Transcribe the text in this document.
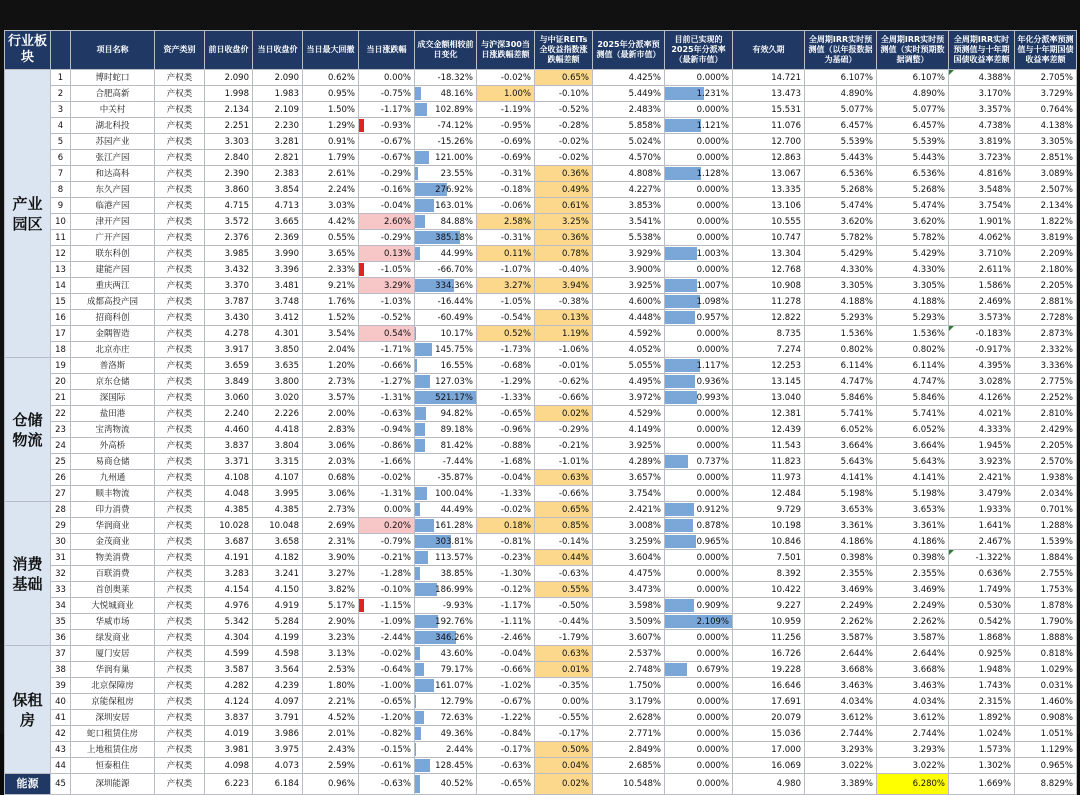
行业板块		项目名称	资产类别	前日收盘价	当日收盘价	当日最大回撤	当日涨跌幅	成交金额相较前日变化	与沪深300当日涨跌幅差额	与中证REITs全收益指数涨跌幅差额	2025年分派率预测值（最新市值）	目前已实现的2025年分派率（最新市值）	有效久期	全周期IRR实时预测值（以年报数据为基础）	全周期IRR实时预测值（实时预期数据调整）	全周期IRR实时预测值与十年期国债收益率差额	年化分派率预测值与十年期国债收益率差额
产业园区	1	博时蛇口	产权类	2.090	2.090	0.62%	0.00%	-18.32%	-0.02%	0.65%	4.425%	0.000%	14.721	6.107%	6.107%	4.388%	2.705%
	2	合肥高新	产权类	1.998	1.983	0.95%	-0.75%	48.16%	1.00%	-0.10%	5.449%	1.231%	13.473	4.890%	4.890%	3.170%	3.729%
	3	中关村	产权类	2.134	2.109	1.50%	-1.17%	102.89%	-1.19%	-0.52%	2.483%	0.000%	15.531	5.077%	5.077%	3.357%	0.764%
	4	湖北科投	产权类	2.251	2.230	1.29%	-0.93%	-74.12%	-0.95%	-0.28%	5.858%	1.121%	11.076	6.457%	6.457%	4.738%	4.138%
	5	苏园产业	产权类	3.303	3.281	0.91%	-0.67%	-15.26%	-0.69%	-0.02%	5.024%	0.000%	12.700	5.539%	5.539%	3.819%	3.305%
	6	张江产园	产权类	2.840	2.821	1.79%	-0.67%	121.00%	-0.69%	-0.02%	4.570%	0.000%	12.863	5.443%	5.443%	3.723%	2.851%
	7	和达高科	产权类	2.390	2.383	2.61%	-0.29%	23.55%	-0.31%	0.36%	4.808%	1.128%	13.067	6.536%	6.536%	4.816%	3.089%
	8	东久产园	产权类	3.860	3.854	2.24%	-0.16%	276.92%	-0.18%	0.49%	4.227%	0.000%	13.335	5.268%	5.268%	3.548%	2.507%
	9	临港产园	产权类	4.715	4.713	3.03%	-0.04%	163.01%	-0.06%	0.61%	3.853%	0.000%	13.106	5.474%	5.474%	3.754%	2.134%
	10	津开产园	产权类	3.572	3.665	4.42%	2.60%	84.88%	2.58%	3.25%	3.541%	0.000%	10.555	3.620%	3.620%	1.901%	1.822%
	11	广开产园	产权类	2.376	2.369	0.55%	-0.29%	385.18%	-0.31%	0.36%	5.538%	0.000%	10.747	5.782%	5.782%	4.062%	3.819%
	12	联东科创	产权类	3.985	3.990	3.65%	0.13%	44.99%	0.11%	0.78%	3.929%	1.003%	13.304	5.429%	5.429%	3.710%	2.209%
	13	建能产园	产权类	3.432	3.396	2.33%	-1.05%	-66.70%	-1.07%	-0.40%	3.900%	0.000%	12.768	4.330%	4.330%	2.611%	2.180%
	14	重庆两江	产权类	3.370	3.481	9.21%	3.29%	334.36%	3.27%	3.94%	3.925%	1.007%	10.908	3.305%	3.305%	1.586%	2.205%
	15	成都高投产园	产权类	3.787	3.748	1.76%	-1.03%	-16.44%	-1.05%	-0.38%	4.600%	1.098%	11.278	4.188%	4.188%	2.469%	2.881%
	16	招商科创	产权类	3.430	3.412	1.52%	-0.52%	-60.49%	-0.54%	0.13%	4.448%	0.957%	12.822	5.293%	5.293%	3.573%	2.728%
	17	金隅智造	产权类	4.278	4.301	3.54%	0.54%	10.17%	0.52%	1.19%	4.592%	0.000%	8.735	1.536%	1.536%	-0.183%	2.873%
	18	北京亦庄	产权类	3.917	3.850	2.04%	-1.71%	145.75%	-1.73%	-1.06%	4.052%	0.000%	7.274	0.802%	0.802%	-0.917%	2.332%
仓储物流	19	普洛斯	产权类	3.659	3.635	1.20%	-0.66%	16.55%	-0.68%	-0.01%	5.055%	1.117%	12.253	6.114%	6.114%	4.395%	3.336%
	20	京东仓储	产权类	3.849	3.800	2.73%	-1.27%	127.03%	-1.29%	-0.62%	4.495%	0.936%	13.145	4.747%	4.747%	3.028%	2.775%
	21	深国际	产权类	3.060	3.020	3.57%	-1.31%	521.17%	-1.33%	-0.66%	3.972%	0.993%	13.040	5.846%	5.846%	4.126%	2.252%
	22	盐田港	产权类	2.240	2.226	2.00%	-0.63%	94.82%	-0.65%	0.02%	4.529%	0.000%	12.381	5.741%	5.741%	4.021%	2.810%
	23	宝湾物流	产权类	4.460	4.418	2.83%	-0.94%	89.18%	-0.96%	-0.29%	4.149%	0.000%	12.439	6.052%	6.052%	4.333%	2.429%
	24	外高桥	产权类	3.837	3.804	3.06%	-0.86%	81.42%	-0.88%	-0.21%	3.925%	0.000%	11.543	3.664%	3.664%	1.945%	2.205%
	25	易商仓储	产权类	3.371	3.315	2.03%	-1.66%	-7.44%	-1.68%	-1.01%	4.289%	0.737%	11.823	5.643%	5.643%	3.923%	2.570%
	26	九州通	产权类	4.108	4.107	0.68%	-0.02%	-35.87%	-0.04%	0.63%	3.657%	0.000%	11.973	4.141%	4.141%	2.421%	1.938%
	27	顺丰物流	产权类	4.048	3.995	3.06%	-1.31%	100.04%	-1.33%	-0.66%	3.754%	0.000%	12.484	5.198%	5.198%	3.479%	2.034%
消费基础	28	印力消费	产权类	4.385	4.385	2.73%	0.00%	44.49%	-0.02%	0.65%	2.421%	0.912%	9.729	3.653%	3.653%	1.933%	0.701%
	29	华润商业	产权类	10.028	10.048	2.69%	0.20%	161.28%	0.18%	0.85%	3.008%	0.878%	10.198	3.361%	3.361%	1.641%	1.288%
	30	金茂商业	产权类	3.687	3.658	2.31%	-0.79%	303.81%	-0.81%	-0.14%	3.259%	0.965%	10.846	4.186%	4.186%	2.467%	1.539%
	31	物美消费	产权类	4.191	4.182	3.90%	-0.21%	113.57%	-0.23%	0.44%	3.604%	0.000%	7.501	0.398%	0.398%	-1.322%	1.884%
	32	百联消费	产权类	3.283	3.241	3.27%	-1.28%	38.85%	-1.30%	-0.63%	4.475%	0.000%	8.392	2.355%	2.355%	0.636%	2.755%
	33	首创奥莱	产权类	4.154	4.150	3.82%	-0.10%	186.99%	-0.12%	0.55%	3.473%	0.000%	10.422	3.469%	3.469%	1.749%	1.753%
	34	大悦城商业	产权类	4.976	4.919	5.17%	-1.15%	-9.93%	-1.17%	-0.50%	3.598%	0.909%	9.227	2.249%	2.249%	0.530%	1.878%
	35	华威市场	产权类	5.342	5.284	2.90%	-1.09%	192.76%	-1.11%	-0.44%	3.509%	2.109%	10.959	2.262%	2.262%	0.542%	1.790%
	36	绿发商业	产权类	4.304	4.199	3.23%	-2.44%	346.26%	-2.46%	-1.79%	3.607%	0.000%	11.256	3.587%	3.587%	1.868%	1.888%
保租房	37	厦门安居	产权类	4.599	4.598	3.13%	-0.02%	43.60%	-0.04%	0.63%	2.537%	0.000%	16.726	2.644%	2.644%	0.925%	0.818%
	38	华润有巢	产权类	3.587	3.564	2.53%	-0.64%	79.17%	-0.66%	0.01%	2.748%	0.679%	19.228	3.668%	3.668%	1.948%	1.029%
	39	北京保障房	产权类	4.282	4.239	1.80%	-1.00%	161.07%	-1.02%	-0.35%	1.750%	0.000%	16.646	3.463%	3.463%	1.743%	0.031%
	40	京能保租房	产权类	4.124	4.097	2.21%	-0.65%	12.79%	-0.67%	0.00%	3.179%	0.000%	17.691	4.034%	4.034%	2.315%	1.460%
	41	深圳安居	产权类	3.837	3.791	4.52%	-1.20%	72.63%	-1.22%	-0.55%	2.628%	0.000%	20.079	3.612%	3.612%	1.892%	0.908%
	42	蛇口租赁住房	产权类	4.019	3.986	2.01%	-0.82%	49.36%	-0.84%	-0.17%	2.771%	0.000%	15.036	2.744%	2.744%	1.024%	1.051%
	43	上地租赁住房	产权类	3.981	3.975	2.43%	-0.15%	2.44%	-0.17%	0.50%	2.849%	0.000%	17.000	3.293%	3.293%	1.573%	1.129%
	44	恒泰租住	产权类	4.098	4.073	2.59%	-0.61%	128.45%	-0.63%	0.04%	2.685%	0.000%	16.069	3.022%	3.022%	1.302%	0.965%
能源	45	深圳能源	产权类	6.223	6.184	0.96%	-0.63%	40.52%	-0.65%	0.02%	10.548%	0.000%	4.980	3.389%	6.280%	1.669%	8.829%
